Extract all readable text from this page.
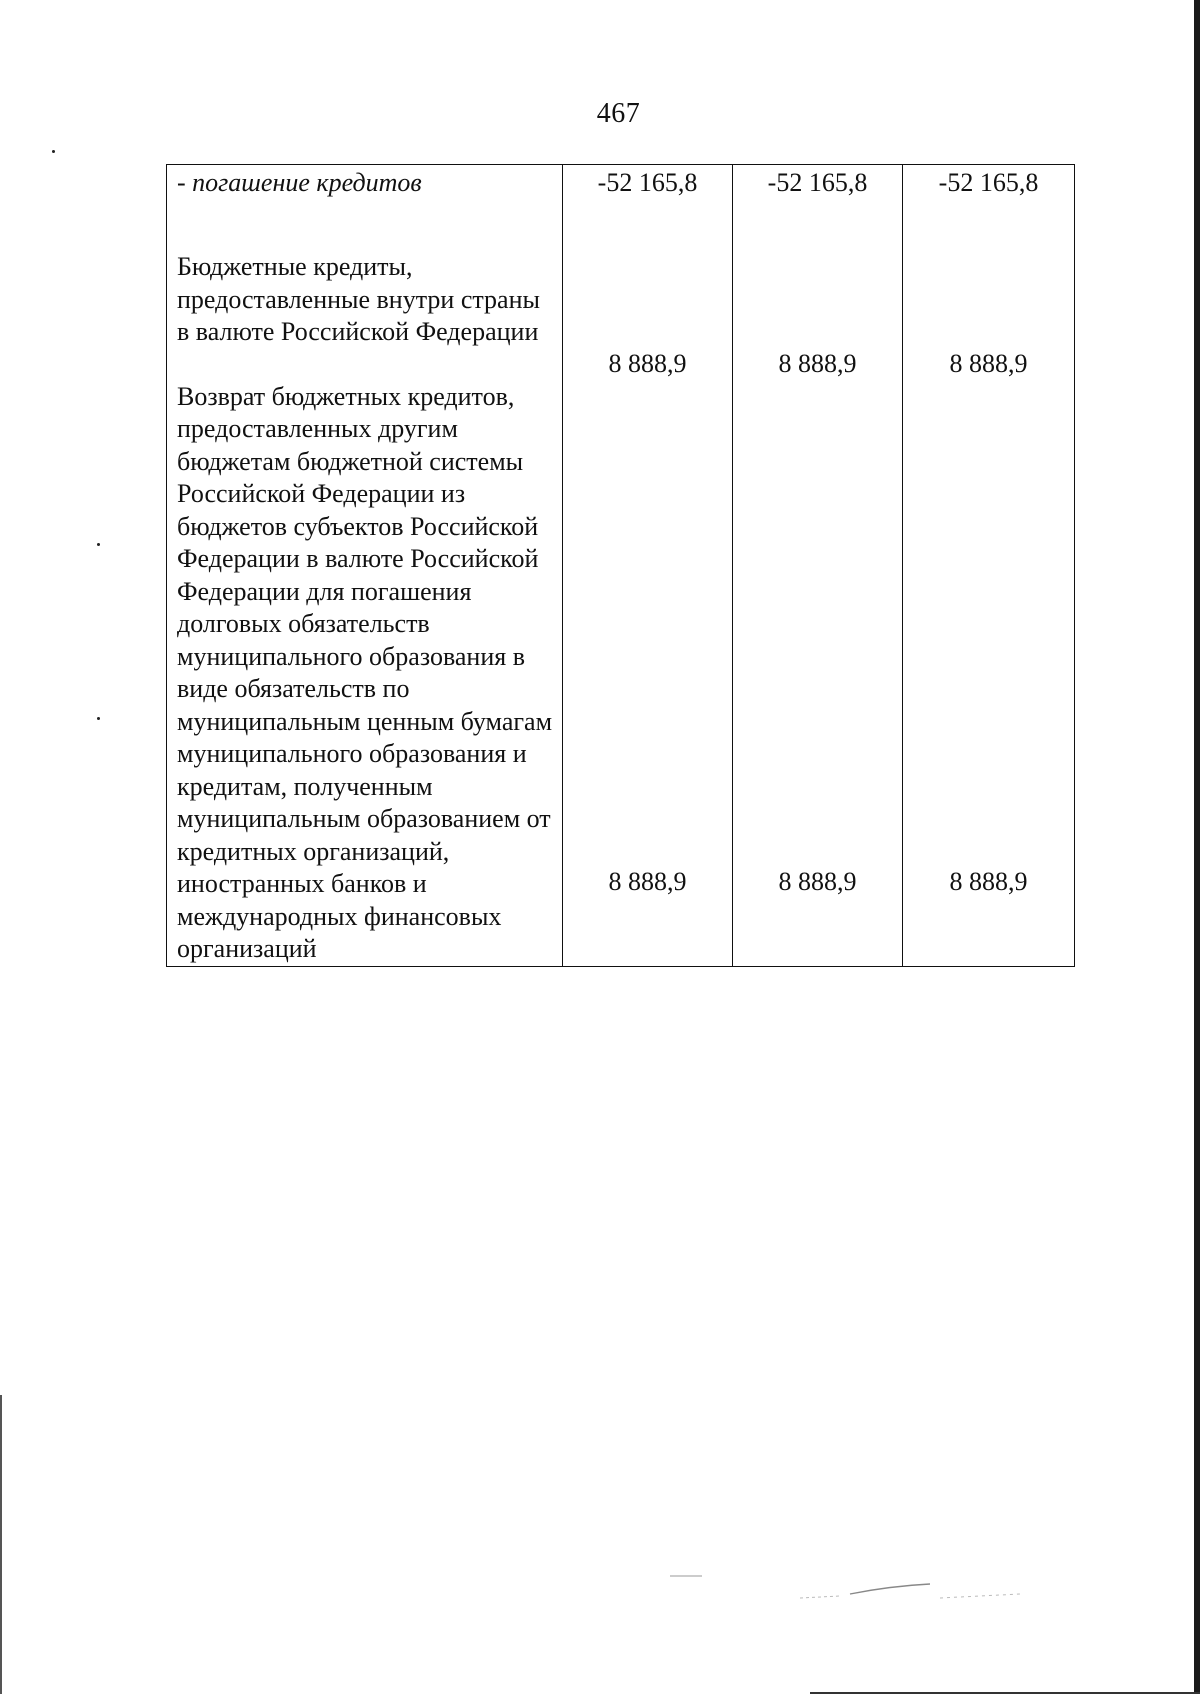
467
- погашение кредитов	-52 165,8	-52 165,8	-52 165,8
Бюджетные кредиты, предоставленные внутри страны в валюте Российской Федерации	8 888,9	8 888,9	8 888,9
Возврат бюджетных кредитов, предоставленных другим бюджетам бюджетной системы Российской Федерации из бюджетов субъектов Российской Федерации в валюте Российской Федерации для погашения долговых обязательств муниципального образования в виде обязательств по муниципальным ценным бумагам муниципального образования и кредитам, полученным муниципальным образованием от кредитных организаций, иностранных банков и международных финансовых организаций	8 888,9	8 888,9	8 888,9
